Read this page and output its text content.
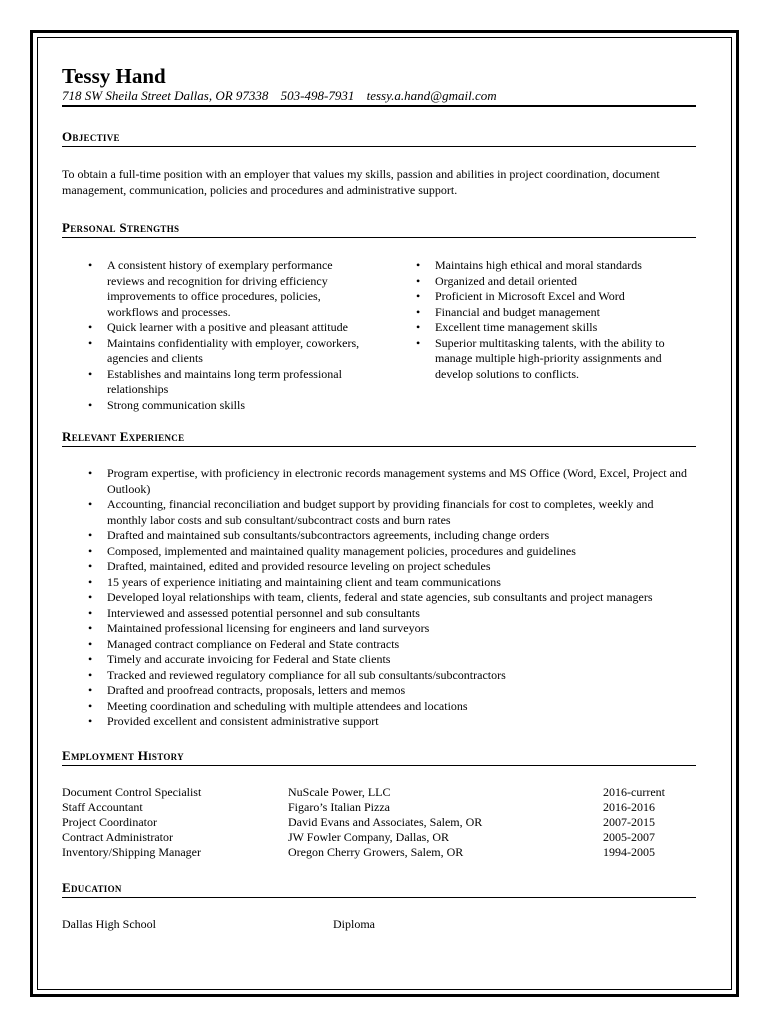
Tessy Hand
718 SW Sheila Street Dallas, OR 97338 503-498-7931 tessy.a.hand@gmail.com
Objective
To obtain a full-time position with an employer that values my skills, passion and abilities in project coordination, document management, communication, policies and procedures and administrative support.
Personal Strengths
• A consistent history of exemplary performance reviews and recognition for driving efficiency improvements to office procedures, policies, workflows and processes.
• Quick learner with a positive and pleasant attitude
• Maintains confidentiality with employer, coworkers, agencies and clients
• Establishes and maintains long term professional relationships
• Strong communication skills
• Maintains high ethical and moral standards
• Organized and detail oriented
• Proficient in Microsoft Excel and Word
• Financial and budget management
• Excellent time management skills
• Superior multitasking talents, with the ability to manage multiple high-priority assignments and develop solutions to conflicts.
Relevant Experience
• Program expertise, with proficiency in electronic records management systems and MS Office (Word, Excel, Project and Outlook)
• Accounting, financial reconciliation and budget support by providing financials for cost to completes, weekly and monthly labor costs and sub consultant/subcontract costs and burn rates
• Drafted and maintained sub consultants/subcontractors agreements, including change orders
• Composed, implemented and maintained quality management policies, procedures and guidelines
• Drafted, maintained, edited and provided resource leveling on project schedules
• 15 years of experience initiating and maintaining client and team communications
• Developed loyal relationships with team, clients, federal and state agencies, sub consultants and project managers
• Interviewed and assessed potential personnel and sub consultants
• Maintained professional licensing for engineers and land surveyors
• Managed contract compliance on Federal and State contracts
• Timely and accurate invoicing for Federal and State clients
• Tracked and reviewed regulatory compliance for all sub consultants/subcontractors
• Drafted and proofread contracts, proposals, letters and memos
• Meeting coordination and scheduling with multiple attendees and locations
• Provided excellent and consistent administrative support
Employment History
Document Control Specialist	NuScale Power, LLC	2016-current
Staff Accountant	Figaro’s Italian Pizza	2016-2016
Project Coordinator	David Evans and Associates, Salem, OR	2007-2015
Contract Administrator	JW Fowler Company, Dallas, OR	2005-2007
Inventory/Shipping Manager	Oregon Cherry Growers, Salem, OR	1994-2005
Education
Dallas High School	Diploma
